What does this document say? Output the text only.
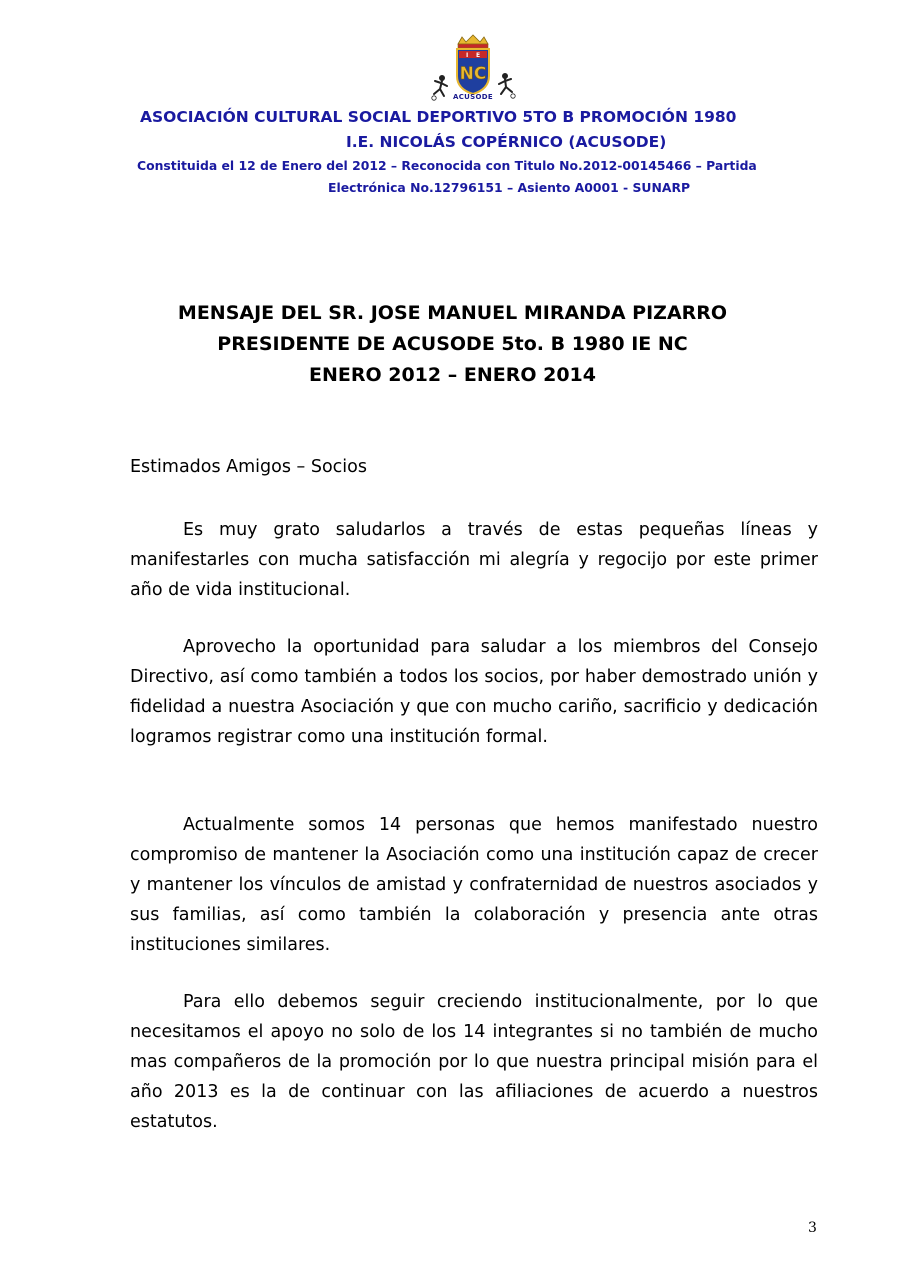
I E
NC
ACUSODE
ASOCIACIÓN CULTURAL SOCIAL DEPORTIVO 5TO B PROMOCIÓN 1980
I.E. NICOLÁS COPÉRNICO (ACUSODE)
Constituida el 12 de Enero del 2012 – Reconocida con Titulo No.2012-00145466 – Partida
Electrónica No.12796151 – Asiento A0001 - SUNARP
MENSAJE DEL SR. JOSE MANUEL MIRANDA PIZARRO
PRESIDENTE DE ACUSODE 5to. B 1980 IE NC
ENERO 2012 – ENERO 2014
Estimados Amigos – Socios
Es muy grato saludarlos a través de estas pequeñas líneas y manifestarles con mucha satisfacción mi alegría y regocijo por este primer año de vida institucional.
Aprovecho la oportunidad para saludar a los miembros del Consejo Directivo, así como también a todos los socios, por haber demostrado unión y fidelidad a nuestra Asociación y que con mucho cariño, sacrificio y dedicación logramos registrar como una institución formal.
Actualmente somos 14 personas que hemos manifestado nuestro compromiso de mantener la Asociación como una institución capaz de crecer y mantener los vínculos de amistad y confraternidad de nuestros asociados y sus familias, así como también la colaboración y presencia ante otras instituciones similares.
Para ello debemos seguir creciendo institucionalmente, por lo que necesitamos el apoyo no solo de los 14 integrantes si no también de mucho mas compañeros de la promoción por lo que nuestra principal misión para el año 2013 es la de continuar con las afiliaciones de acuerdo a nuestros estatutos.
3
